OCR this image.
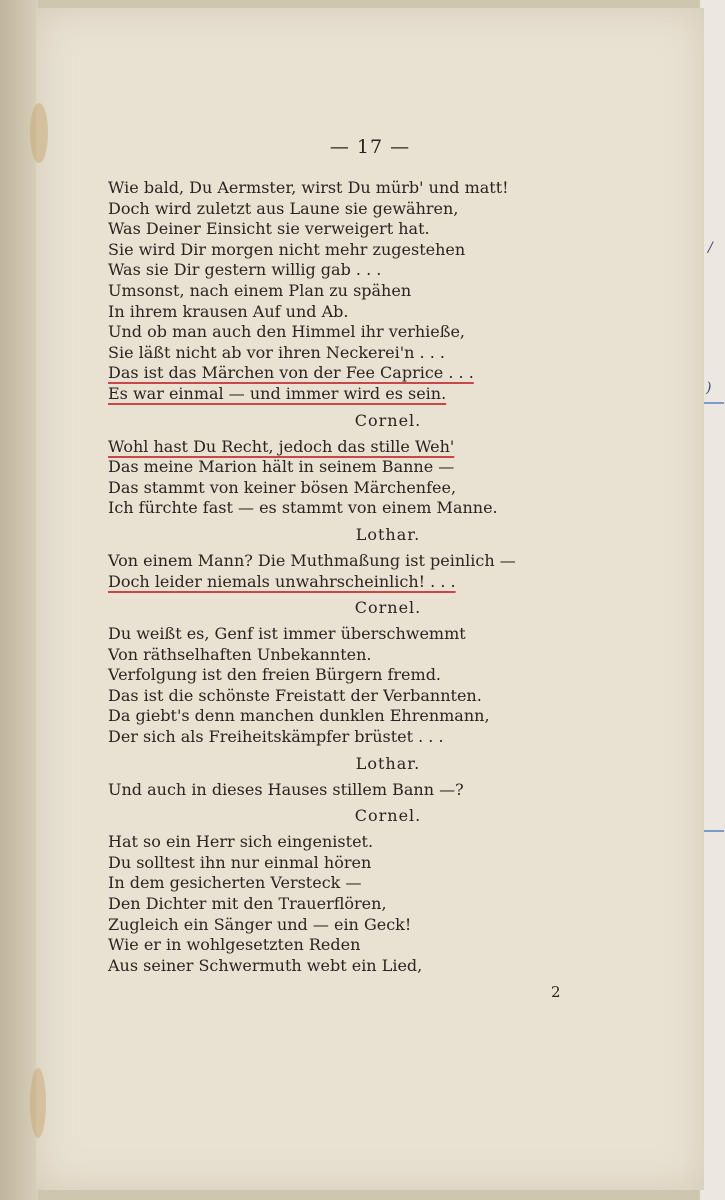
/
)
— 17 —
Wie bald, Du Aermster, wirst Du mürb' und matt!
Doch wird zuletzt aus Laune sie gewähren,
Was Deiner Einsicht sie verweigert hat.
Sie wird Dir morgen nicht mehr zugestehen
Was sie Dir gestern willig gab . . .
Umsonst, nach einem Plan zu spähen
In ihrem krausen Auf und Ab.
Und ob man auch den Himmel ihr verhieße,
Sie läßt nicht ab vor ihren Neckerei'n . . .
Das ist das Märchen von der Fee Caprice . . .
Es war einmal — und immer wird es sein.
Cornel.
Wohl hast Du Recht, jedoch das stille Weh'
Das meine Marion hält in seinem Banne —
Das stammt von keiner bösen Märchenfee,
Ich fürchte fast — es stammt von einem Manne.
Lothar.
Von einem Mann? Die Muthmaßung ist peinlich —
Doch leider niemals unwahrscheinlich! . . .
Cornel.
Du weißt es, Genf ist immer überschwemmt
Von räthselhaften Unbekannten.
Verfolgung ist den freien Bürgern fremd.
Das ist die schönste Freistatt der Verbannten.
Da giebt's denn manchen dunklen Ehrenmann,
Der sich als Freiheitskämpfer brüstet . . .
Lothar.
Und auch in dieses Hauses stillem Bann —?
Cornel.
Hat so ein Herr sich eingenistet.
Du solltest ihn nur einmal hören
In dem gesicherten Versteck —
Den Dichter mit den Trauerflören,
Zugleich ein Sänger und — ein Geck!
Wie er in wohlgesetzten Reden
Aus seiner Schwermuth webt ein Lied,
2
